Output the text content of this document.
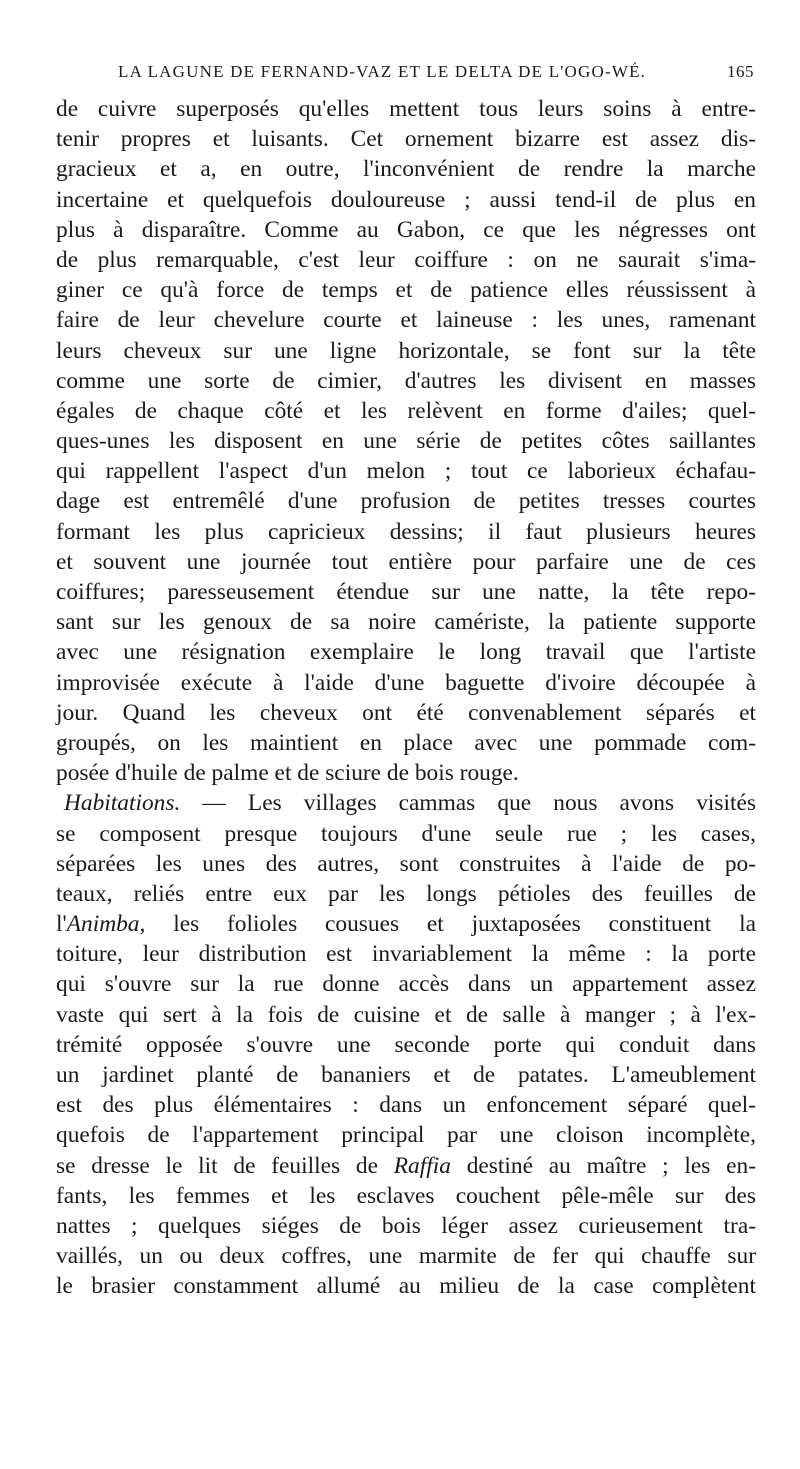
LA LAGUNE DE FERNAND-VAZ ET LE DELTA DE L'OGO-WÉ.	165
de cuivre superposés qu'elles mettent tous leurs soins à entre-
tenir propres et luisants. Cet ornement bizarre est assez dis-
gracieux et a, en outre, l'inconvénient de rendre la marche
incertaine et quelquefois douloureuse ; aussi tend-il de plus en
plus à disparaître. Comme au Gabon, ce que les négresses ont
de plus remarquable, c'est leur coiffure : on ne saurait s'ima-
giner ce qu'à force de temps et de patience elles réussissent à
faire de leur chevelure courte et laineuse : les unes, ramenant
leurs cheveux sur une ligne horizontale, se font sur la tête
comme une sorte de cimier, d'autres les divisent en masses
égales de chaque côté et les relèvent en forme d'ailes; quel-
ques-unes les disposent en une série de petites côtes saillantes
qui rappellent l'aspect d'un melon ; tout ce laborieux échafau-
dage est entremêlé d'une profusion de petites tresses courtes
formant les plus capricieux dessins; il faut plusieurs heures
et souvent une journée tout entière pour parfaire une de ces
coiffures; paresseusement étendue sur une natte, la tête repo-
sant sur les genoux de sa noire camériste, la patiente supporte
avec une résignation exemplaire le long travail que l'artiste
improvisée exécute à l'aide d'une baguette d'ivoire découpée à
jour. Quand les cheveux ont été convenablement séparés et
groupés, on les maintient en place avec une pommade com-
posée d'huile de palme et de sciure de bois rouge.
Habitations. — Les villages cammas que nous avons visités
se composent presque toujours d'une seule rue ; les cases,
séparées les unes des autres, sont construites à l'aide de po-
teaux, reliés entre eux par les longs pétioles des feuilles de
l'Animba, les folioles cousues et juxtaposées constituent la
toiture, leur distribution est invariablement la même : la porte
qui s'ouvre sur la rue donne accès dans un appartement assez
vaste qui sert à la fois de cuisine et de salle à manger ; à l'ex-
trémité opposée s'ouvre une seconde porte qui conduit dans
un jardinet planté de bananiers et de patates. L'ameublement
est des plus élémentaires : dans un enfoncement séparé quel-
quefois de l'appartement principal par une cloison incomplète,
se dresse le lit de feuilles de Raffia destiné au maître ; les en-
fants, les femmes et les esclaves couchent pêle-mêle sur des
nattes ; quelques siéges de bois léger assez curieusement tra-
vaillés, un ou deux coffres, une marmite de fer qui chauffe sur
le brasier constamment allumé au milieu de la case complètent
